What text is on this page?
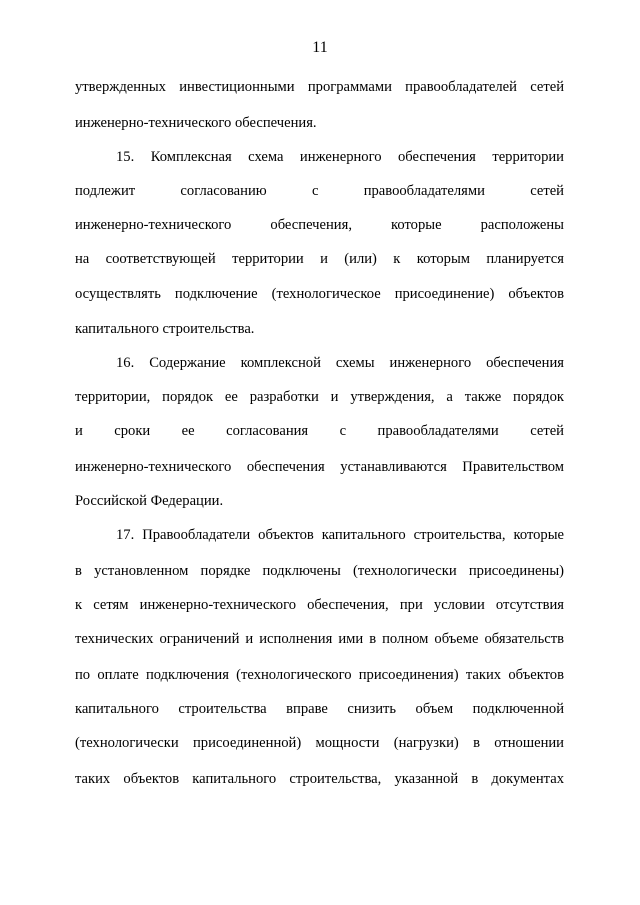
11
утвержденных инвестиционными программами правообладателей сетей
инженерно-технического обеспечения.
15. Комплексная схема инженерного обеспечения территории
подлежит согласованию с правообладателями сетей
инженерно-технического обеспечения, которые расположены
на соответствующей территории и (или) к которым планируется
осуществлять подключение (технологическое присоединение) объектов
капитального строительства.
16. Содержание комплексной схемы инженерного обеспечения
территории, порядок ее разработки и утверждения, а также порядок
и сроки ее согласования с правообладателями сетей
инженерно-технического обеспечения устанавливаются Правительством
Российской Федерации.
17. Правообладатели объектов капитального строительства, которые
в установленном порядке подключены (технологически присоединены)
к сетям инженерно-технического обеспечения, при условии отсутствия
технических ограничений и исполнения ими в полном объеме обязательств
по оплате подключения (технологического присоединения) таких объектов
капитального строительства вправе снизить объем подключенной
(технологически присоединенной) мощности (нагрузки) в отношении
таких объектов капитального строительства, указанной в документах
